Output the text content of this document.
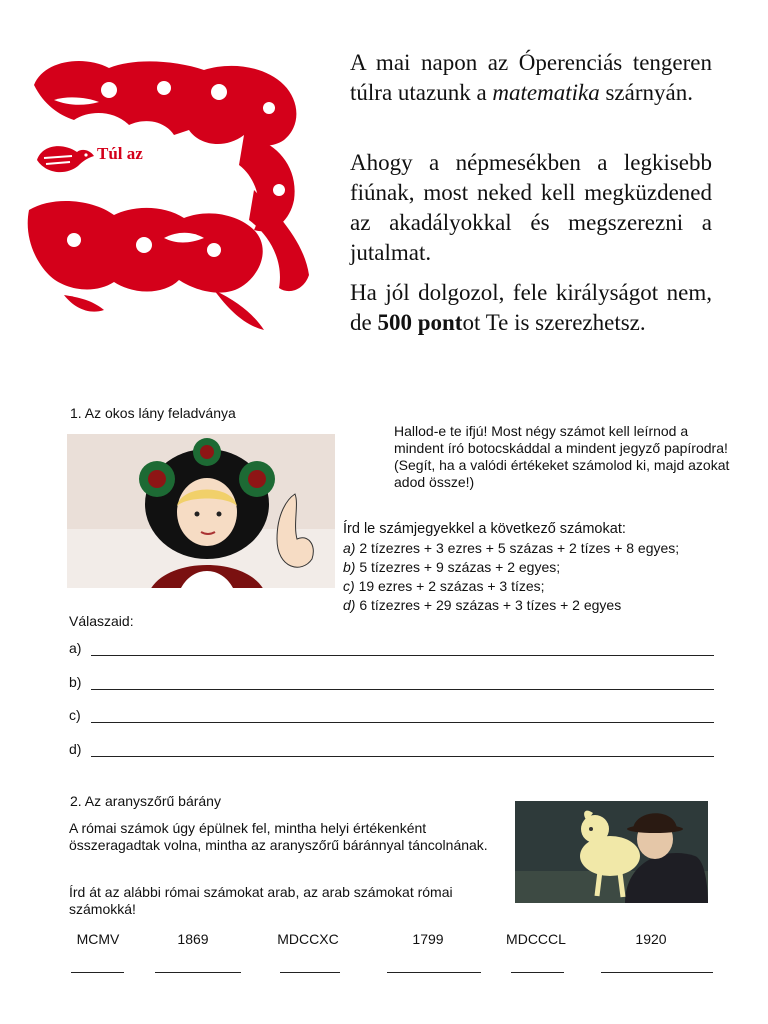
Túl az
A mai napon az Óperenciás tengeren túlra utazunk a matematika szárnyán.
Ahogy a népmesékben a legkisebb fiúnak, most neked kell megküzdened az akadályokkal és megszerezni a jutalmat.
Ha jól dolgozol, fele királyságot nem, de 500 pontot Te is szerezhetsz.
1. Az okos lány feladványa
Hallod-e te ifjú! Most négy számot kell leírnod a mindent író botocskáddal a mindent jegyző papírodra!
(Segít, ha a valódi értékeket számolod ki, majd azokat adod össze!)
Írd le számjegyekkel a következő számokat:
a) 2 tízezres + 3 ezres + 5 százas + 2 tízes + 8 egyes;
b) 5 tízezres + 9 százas + 2 egyes;
c) 19 ezres + 2 százas + 3 tízes;
d) 6 tízezres + 29 százas + 3 tízes + 2 egyes
Válaszaid:
a)
b)
c)
d)
2. Az aranyszőrű bárány
A római számok úgy épülnek fel, mintha helyi értékenként összeragadtak volna, mintha az aranyszőrű báránnyal táncolnának.
Írd át az alábbi római számokat arab, az arab számokat római számokká!
MCMV	1869	MDCCXC	1799	MDCCCL	1920
